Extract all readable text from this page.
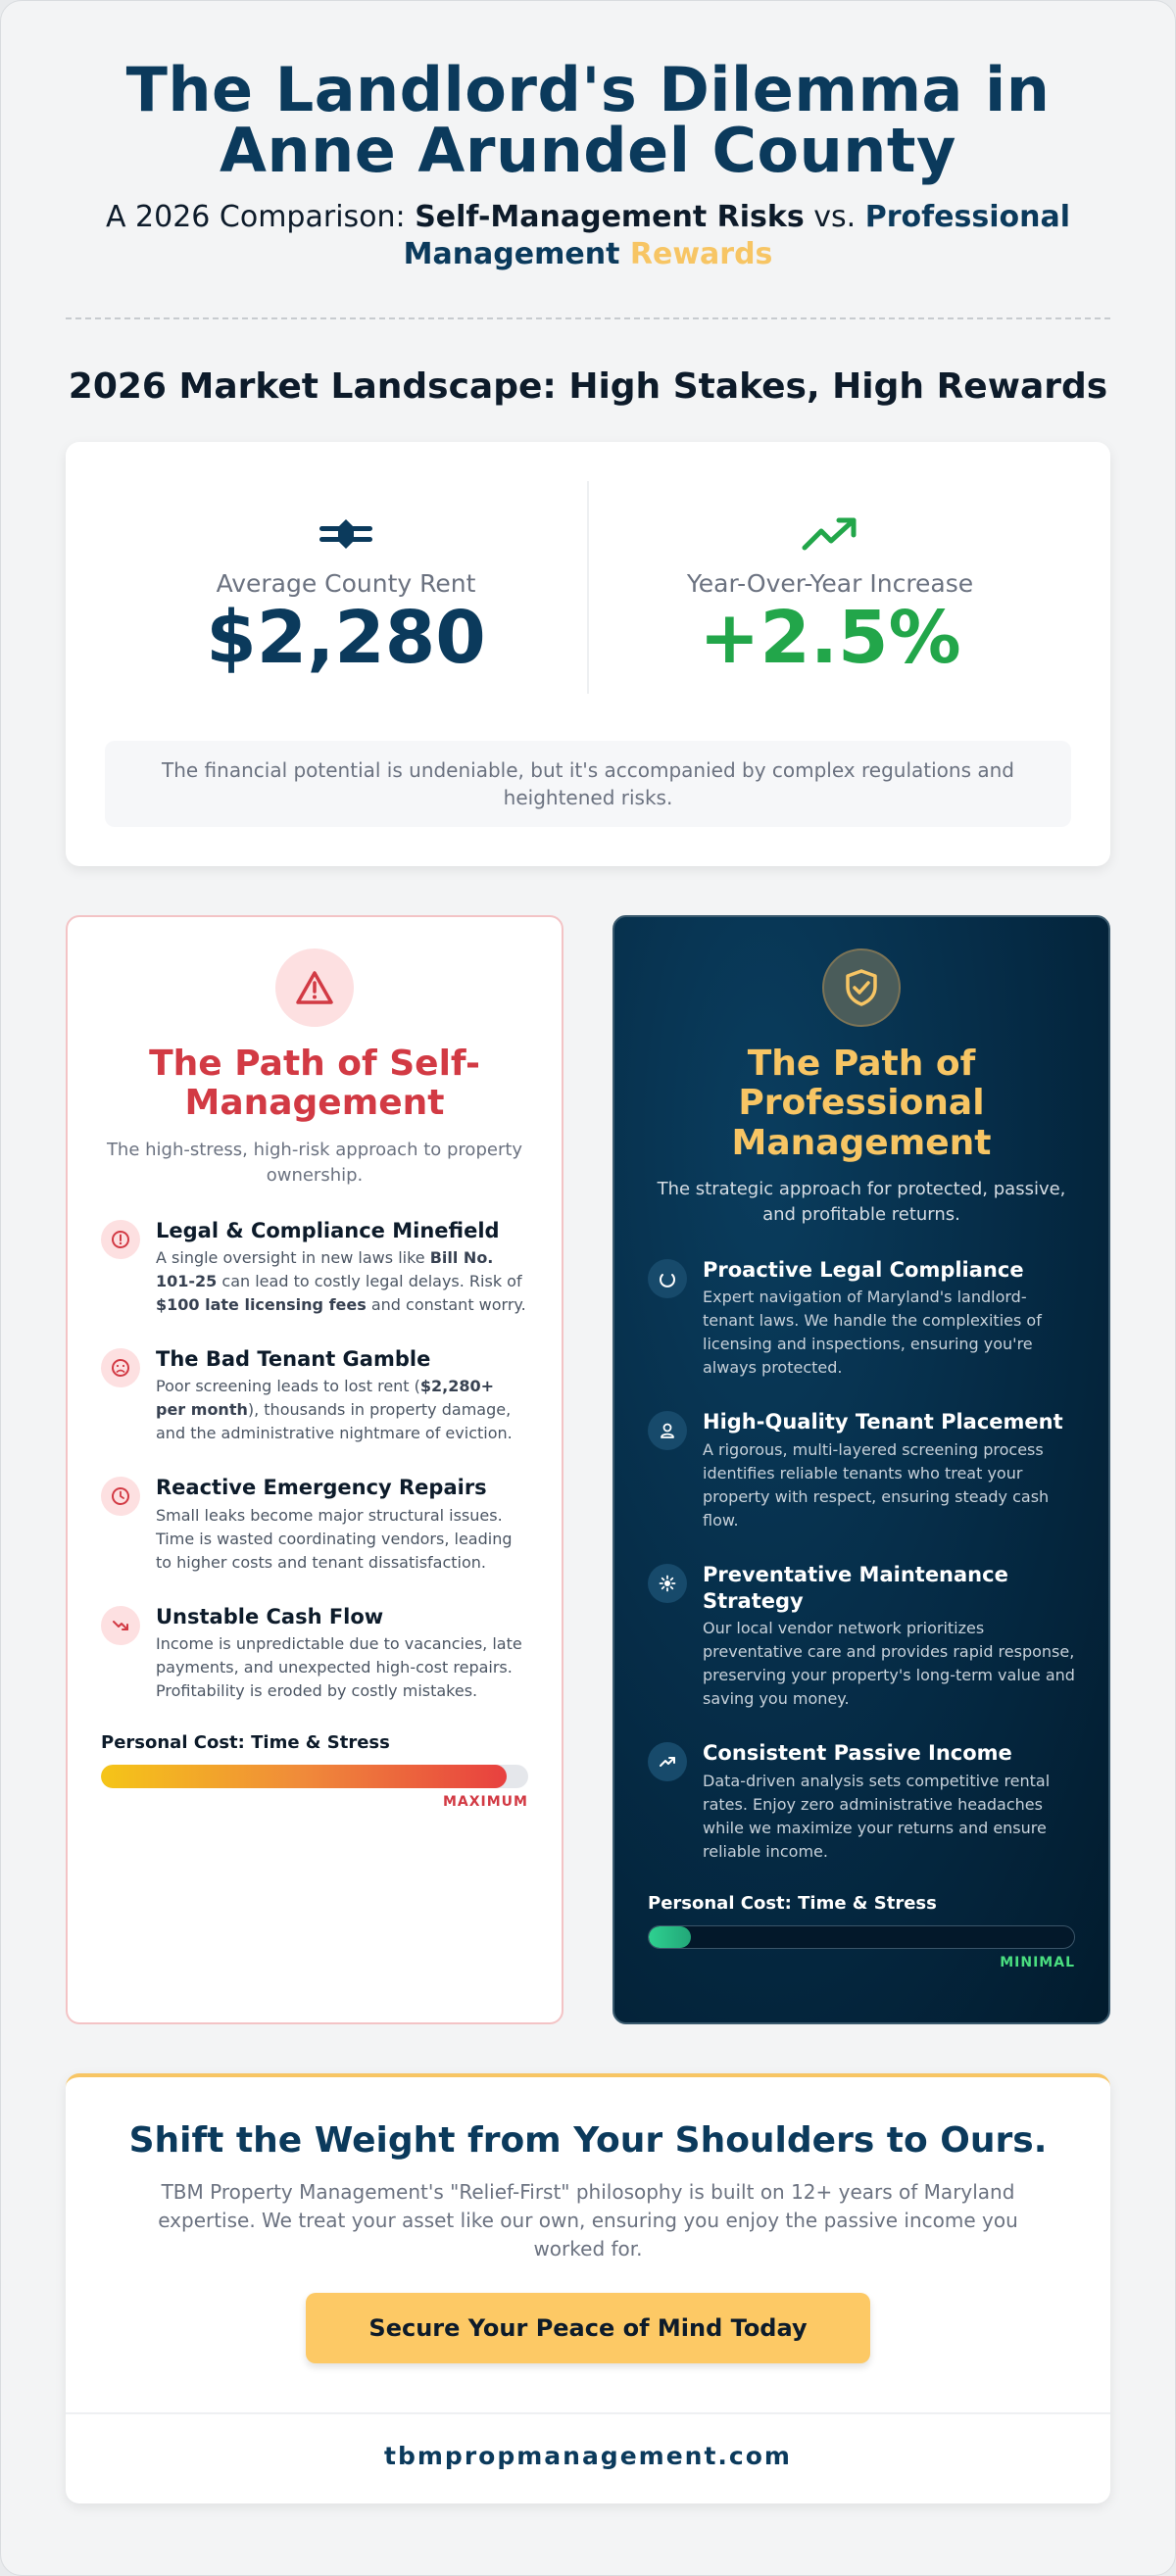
The Landlord's Dilemma in Anne Arundel County
A 2026 Comparison: Self-Management Risks vs. Professional Management Rewards
2026 Market Landscape: High Stakes, High Rewards
Average County Rent
$2,280
Year-Over-Year Increase
+2.5%
The financial potential is undeniable, but it's accompanied by complex regulations and heightened risks.
The Path of Self-Management
The high-stress, high-risk approach to property ownership.
Legal & Compliance Minefield

A single oversight in new laws like Bill No. 101-25 can lead to costly legal delays. Risk of $100 late licensing fees and constant worry.

The Bad Tenant Gamble

Poor screening leads to lost rent ($2,280+ per month), thousands in property damage, and the administrative nightmare of eviction.

Reactive Emergency Repairs

Small leaks become major structural issues. Time is wasted coordinating vendors, leading to higher costs and tenant dissatisfaction.

Unstable Cash Flow

Income is unpredictable due to vacancies, late payments, and unexpected high-cost repairs. Profitability is eroded by costly mistakes.

Personal Cost: Time & Stress
MAXIMUM
The Path of Professional Management
The strategic approach for protected, passive, and profitable returns.
Proactive Legal Compliance

Expert navigation of Maryland's landlord-tenant laws. We handle the complexities of licensing and inspections, ensuring you're always protected.

High-Quality Tenant Placement

A rigorous, multi-layered screening process identifies reliable tenants who treat your property with respect, ensuring steady cash flow.

Preventative Maintenance Strategy

Our local vendor network prioritizes preventative care and provides rapid response, preserving your property's long-term value and saving you money.

Consistent Passive Income

Data-driven analysis sets competitive rental rates. Enjoy zero administrative headaches while we maximize your returns and ensure reliable income.

Personal Cost: Time & Stress
MINIMAL
Shift the Weight from Your Shoulders to Ours.

TBM Property Management's "Relief-First" philosophy is built on 12+ years of Maryland expertise. We treat your asset like our own, ensuring you enjoy the passive income you worked for.

Secure Your Peace of Mind Today
tbmpropmanagement.com
